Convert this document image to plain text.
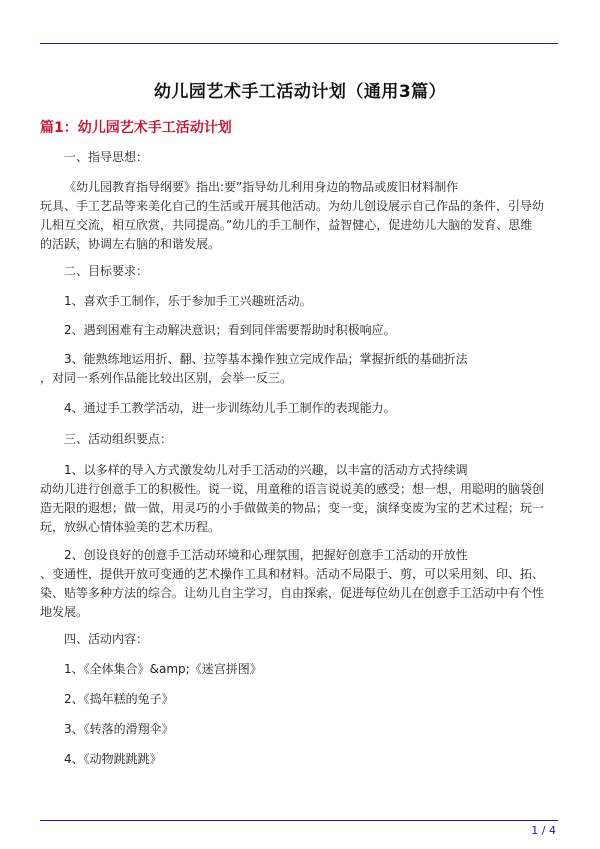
幼儿园艺术手工活动计划（通用3篇）
篇1：幼儿园艺术手工活动计划
一、指导思想：
《幼儿园教育指导纲要》指出:要”指导幼儿利用身边的物品或废旧材料制作
玩具、手工艺品等来美化自己的生活或开展其他活动。为幼儿创设展示自己作品的条件，引导幼
儿相互交流，相互欣赏，共同提高。”幼儿的手工制作，益智健心，促进幼儿大脑的发育、思维
的活跃，协调左右脑的和谐发展。
二、目标要求：
1、喜欢手工制作，乐于参加手工兴趣班活动。
2、遇到困难有主动解决意识；看到同伴需要帮助时积极响应。
3、能熟练地运用折、翻、拉等基本操作独立完成作品；掌握折纸的基础折法
，对同一系列作品能比较出区别，会举一反三。
4、通过手工教学活动，进一步训练幼儿手工制作的表现能力。
三、活动组织要点：
1、以多样的导入方式激发幼儿对手工活动的兴趣，以丰富的活动方式持续调
动幼儿进行创意手工的积极性。说一说，用童稚的语言说说美的感受；想一想，用聪明的脑袋创
造无限的遐想；做一做，用灵巧的小手做做美的物品；变一变，演绎变废为宝的艺术过程；玩一
玩，放纵心情体验美的艺术历程。
2、创设良好的创意手工活动环境和心理氛围，把握好创意手工活动的开放性
、变通性，提供开放可变通的艺术操作工具和材料。活动不局限于、剪，可以采用刻、印、拓、
染、贴等多种方法的综合。让幼儿自主学习，自由探索，促进每位幼儿在创意手工活动中有个性
地发展。
四、活动内容：
1、《全体集合》&amp;《迷宫拼图》
2、《捣年糕的兔子》
3、《转落的滑翔伞》
4、《动物跳跳跳》
1 / 4
